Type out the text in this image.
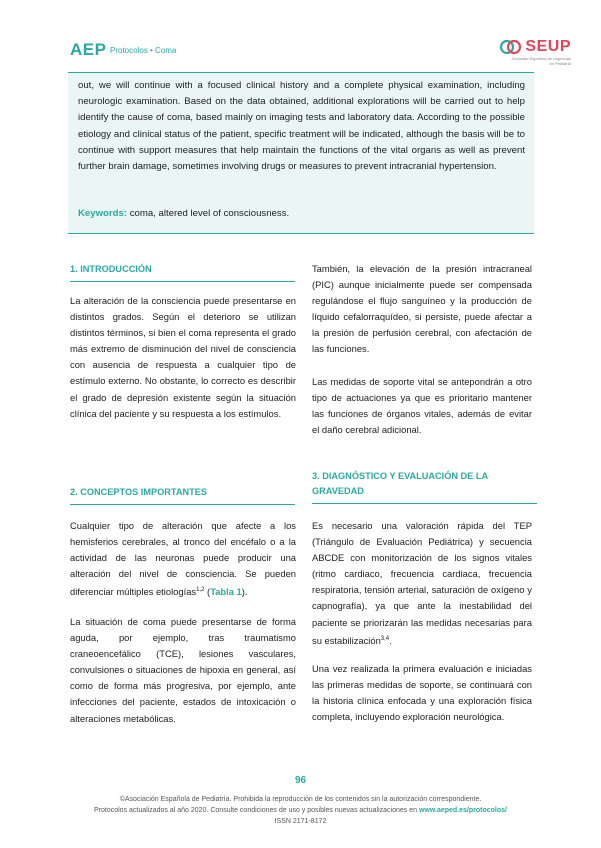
AEP Protocolos • Coma	SEUP
Sociedad Española de Urgencias de Pediatría
out, we will continue with a focused clinical history and a complete physical examination, including neurologic examination. Based on the data obtained, additional explorations will be carried out to help identify the cause of coma, based mainly on imaging tests and laboratory data. According to the possible etiology and clinical status of the patient, specific treatment will be indicated, although the basis will be to continue with support measures that help maintain the functions of the vital organs as well as prevent further brain damage, sometimes involving drugs or measures to prevent intracranial hypertension.
Keywords: coma, altered level of consciousness.
1. INTRODUCCIÓN
La alteración de la consciencia puede presentarse en distintos grados. Según el deterioro se utilizan distintos términos, si bien el coma representa el grado más extremo de disminución del nivel de consciencia con ausencia de respuesta a cualquier tipo de estímulo externo. No obstante, lo correcto es describir el grado de depresión existente según la situación clínica del paciente y su respuesta a los estímulos.
2. CONCEPTOS IMPORTANTES
Cualquier tipo de alteración que afecte a los hemisferios cerebrales, al tronco del encéfalo o a la actividad de las neuronas puede producir una alteración del nivel de consciencia. Se pueden diferenciar múltiples etiologías$^{1,2}$ (Tabla 1).
La situación de coma puede presentarse de forma aguda, por ejemplo, tras traumatismo craneoencefálico (TCE), lesiones vasculares, convulsiones o situaciones de hipoxia en general, así como de forma más progresiva, por ejemplo, ante infecciones del paciente, estados de intoxicación o alteraciones metabólicas.
También, la elevación de la presión intracraneal (PIC) aunque inicialmente puede ser compensada regulándose el flujo sanguíneo y la producción de líquido cefalorraquídeo, si persiste, puede afectar a la presión de perfusión cerebral, con afectación de las funciones.
Las medidas de soporte vital se antepondrán a otro tipo de actuaciones ya que es prioritario mantener las funciones de órganos vitales, además de evitar el daño cerebral adicional.
3. DIAGNÓSTICO Y EVALUACIÓN DE LA GRAVEDAD
Es necesario una valoración rápida del TEP (Triángulo de Evaluación Pediátrica) y secuencia ABCDE con monitorización de los signos vitales (ritmo cardiaco, frecuencia cardiaca, frecuencia respiratoria, tensión arterial, saturación de oxígeno y capnografía), ya que ante la inestabilidad del paciente se priorizarán las medidas necesarias para su estabilización$^{3,4}$.
Una vez realizada la primera evaluación e iniciadas las primeras medidas de soporte, se continuará con la historia clínica enfocada y una exploración física completa, incluyendo exploración neurológica.
96
©Asociación Española de Pediatría. Prohibida la reproducción de los contenidos sin la autorización correspondiente.
Protocolos actualizados al año 2020. Consulte condiciones de uso y posibles nuevas actualizaciones en www.aeped.es/protocolos/
ISSN 2171-8172
